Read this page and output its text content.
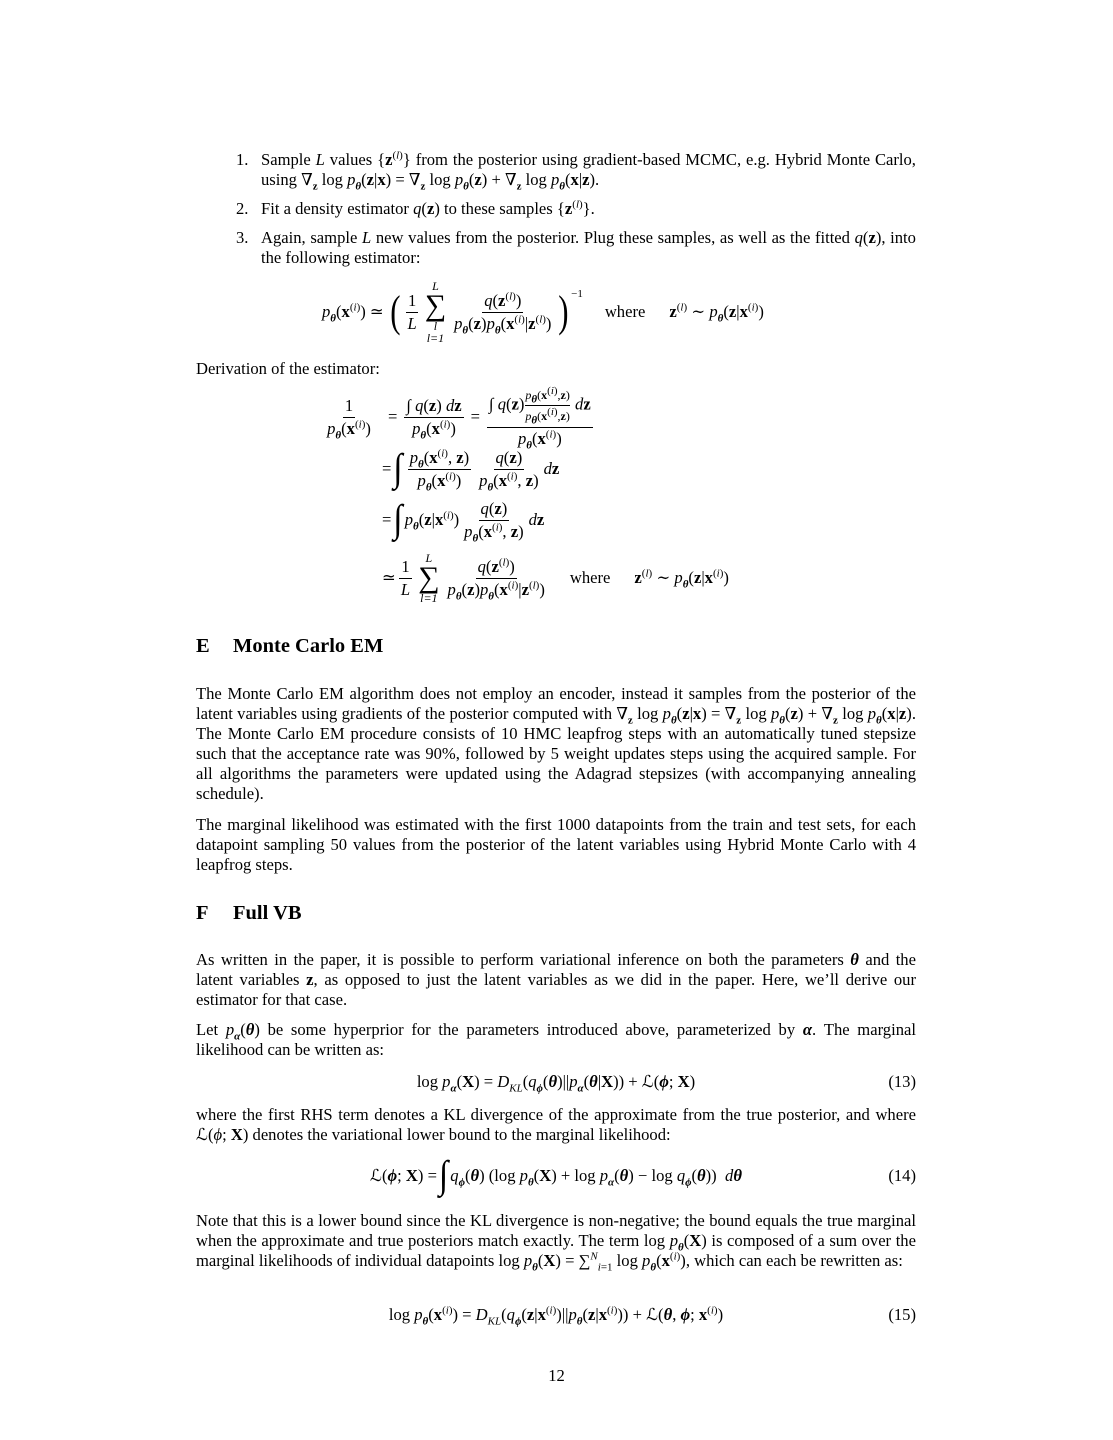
1. Sample L values $\{z^{(l)}\}$ from the posterior using gradient-based MCMC, e.g. Hybrid Monte Carlo, using $\nabla_z$ $\log p_\theta(z|x) = \nabla_z$ $\log p_\theta(z) + \nabla_z$ $\log p_\theta(x|z)$.
2. Fit a density estimator q(z) to these samples $\{z^{(l)}\}$.
3. Again, sample L new values from the posterior. Plug these samples, as well as the fitted q(z), into the following estimator:
$p_\theta(x^{(i)})$ ≃ ( $\frac{1}{L}$
L
∑
l
l=1
$\frac{q(z^{(l)})}{p_\theta(z)p_\theta(x^{(i)}|z^{(l)})} )^{-1}$
where $z^{(l)}$ ∼ $p_\theta(z|x^{(i)})$
Derivation of the estimator:
$\frac{1}{p_\theta(x^{(i)})} = \frac{\int q(z) dz}{p_\theta(x^{(i)})} = \frac{\int q(z) \frac{p_\theta(x^{(i)},z)}{p_\theta(x^{(i)},z)} dz}{p_\theta(x^{(i)})}$
= ∫ $\frac{p_\theta(x^{(i)}, z)}{p_\theta(x^{(i)})} \frac{q(z)}{p_\theta(x^{(i)}, z)}$ dz
= ∫ $p_\theta(z|x^{(i)}) \frac{q(z)}{p_\theta(x^{(i)}, z)}$ dz
≃ $\frac{1}{L}$ L
∑
$l=1 \frac{q(z^{(l)})}{p_\theta(z)p_\theta(x^{(i)}|z^{(l)})}$ where $z^{(l)}$ ∼ $p_\theta(z|x^{(i)})$
E Monte Carlo EM
The Monte Carlo EM algorithm does not employ an encoder, instead it samples from the posterior of the latent variables using gradients of the posterior computed with $\nabla_z$ $\log p_\theta(z|x) = \nabla_z$ $\log p_\theta(z) + \nabla_z$ $\log p_\theta(x|z)$. The Monte Carlo EM procedure consists of 10 HMC leapfrog steps with an automatically tuned stepsize such that the acceptance rate was 90%, followed by 5 weight updates steps using the acquired sample. For all algorithms the parameters were updated using the Adagrad stepsizes (with accompanying annealing schedule).
The marginal likelihood was estimated with the first 1000 datapoints from the train and test sets, for each datapoint sampling 50 values from the posterior of the latent variables using Hybrid Monte Carlo with 4 leapfrog steps.
F Full VB
As written in the paper, it is possible to perform variational inference on both the parameters θ and the latent variables z, as opposed to just the latent variables as we did in the paper. Here, we’ll derive our estimator for that case.
Let $p_\alpha(\theta)$ be some hyperprior for the parameters introduced above, parameterized by α. The marginal likelihood can be written as:
$\log p_\alpha(X) = D_{KL}(q_\phi(\theta)||p_\alpha(\theta|X))$ + ℒ(ϕ; X)	(13)
where the first RHS term denotes a KL divergence of the approximate from the true posterior, and where ℒ(ϕ; X) denotes the variational lower bound to the marginal likelihood:
ℒ(ϕ; X) = ∫ $q_\phi(\theta)$ (log $p_\theta(X) + \log p_\alpha(\theta) - \log q_\phi(\theta)$)  dθ	(14)
Note that this is a lower bound since the KL divergence is non-negative; the bound equals the true marginal when the approximate and true posteriors match exactly. The term $\log p_\theta(X)$ is composed of a sum over the marginal likelihoods of individual datapoints $\log p_\theta(X) = \sum^N_{i=1}$ $\log p_\theta(x^{(i)})$, which can each be rewritten as:
$\log p_\theta(x^{(i)}) = D_{KL}(q_\phi(z|x^{(i)})||p_\theta(z|x^{(i)}))$ + ℒ(θ, ϕ; $x^{(i)}$)	(15)
12
